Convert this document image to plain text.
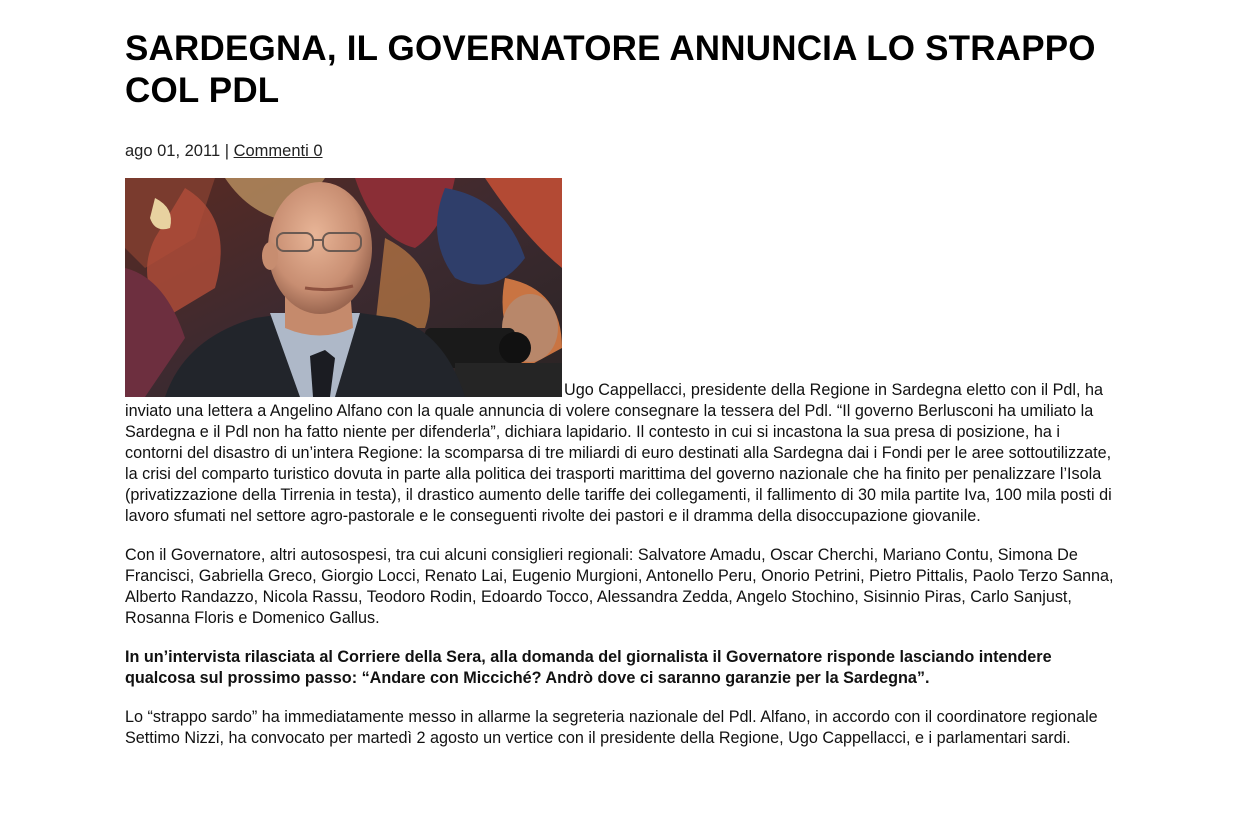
SARDEGNA, IL GOVERNATORE ANNUNCIA LO STRAPPO COL PDL
ago 01, 2011 | Commenti 0

Ugo Cappellacci, presidente della Regione in Sardegna eletto con il Pdl, ha inviato una lettera a Angelino Alfano con la quale annuncia di volere consegnare la tessera del Pdl. “Il governo Berlusconi ha umiliato la Sardegna e il Pdl non ha fatto niente per difenderla”, dichiara lapidario. Il contesto in cui si incastona la sua presa di posizione, ha i contorni del disastro di un’intera Regione: la scomparsa di tre miliardi di euro destinati alla Sardegna dai i Fondi per le aree sottoutilizzate, la crisi del comparto turistico dovuta in parte alla politica dei trasporti marittima del governo nazionale che ha finito per penalizzare l’Isola (privatizzazione della Tirrenia in testa), il drastico aumento delle tariffe dei collegamenti, il fallimento di 30 mila partite Iva, 100 mila posti di lavoro sfumati nel settore agro-pastorale e le conseguenti rivolte dei pastori e il dramma della disoccupazione giovanile.

Con il Governatore, altri autosospesi, tra cui alcuni consiglieri regionali: Salvatore Amadu, Oscar Cherchi, Mariano Contu, Simona De Francisci, Gabriella Greco, Giorgio Locci, Renato Lai, Eugenio Murgioni, Antonello Peru, Onorio Petrini, Pietro Pittalis, Paolo Terzo Sanna, Alberto Randazzo, Nicola Rassu, Teodoro Rodin, Edoardo Tocco, Alessandra Zedda, Angelo Stochino, Sisinnio Piras, Carlo Sanjust, Rosanna Floris e Domenico Gallus.

In un’intervista rilasciata al Corriere della Sera, alla domanda del giornalista il Governatore risponde lasciando intendere qualcosa sul prossimo passo: “Andare con Micciché? Andrò dove ci saranno garanzie per la Sardegna”.

Lo “strappo sardo” ha immediatamente messo in allarme la segreteria nazionale del Pdl. Alfano, in accordo con il coordinatore regionale Settimo Nizzi, ha convocato per martedì 2 agosto un vertice con il presidente della Regione, Ugo Cappellacci, e i parlamentari sardi.
